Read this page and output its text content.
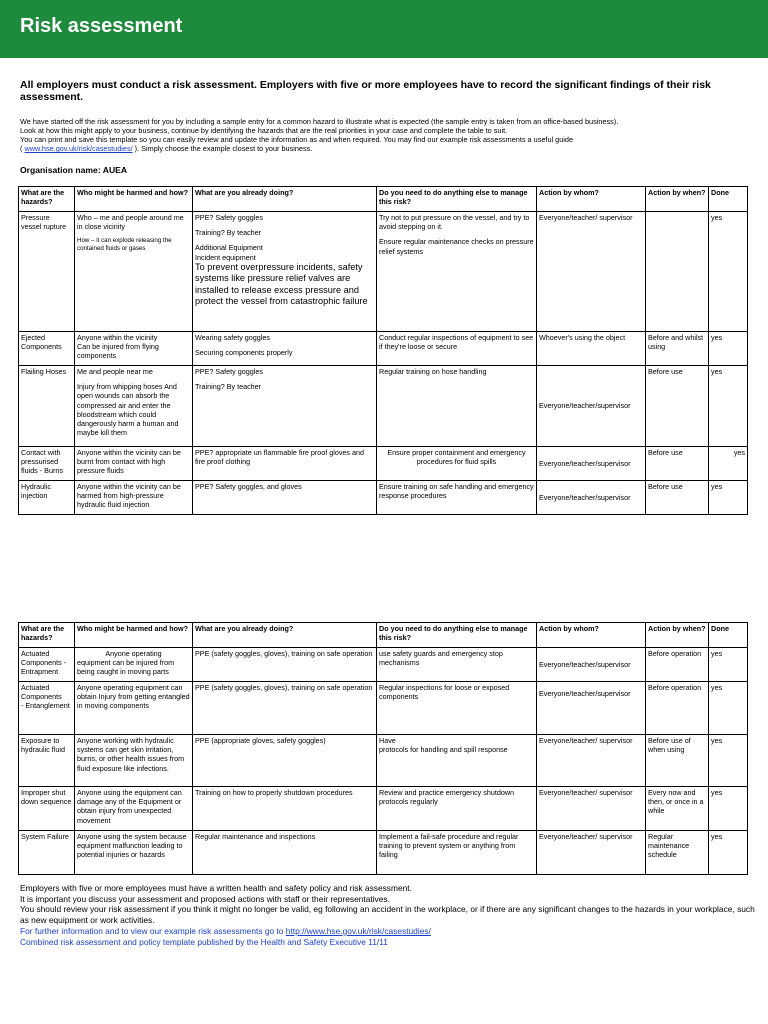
Risk assessment
All employers must conduct a risk assessment. Employers with five or more employees have to record the significant findings of their risk
assessment.
We have started off the risk assessment for you by including a sample entry for a common hazard to illustrate what is expected (the sample entry is taken from an office-based business).
Look at how this might apply to your business, continue by identifying the hazards that are the real priorities in your case and complete the table to suit.
You can print and save this template so you can easily review and update the information as and when required. You may find our example risk assessments a useful guide
( www.hse.gov.uk/risk/casestudies/ ). Simply choose the example closest to your business.
Organisation name: AUEA
What are the hazards?	Who might be harmed and how?	What are you already doing?	Do you need to do anything else to manage this risk?	Action by whom?	Action by when?	Done
Pressure vessel rupture	Who – me and people around me in close vicinity
How – it can explode releasing the contained fluids or gases	PPE? Safety goggles
Training? By teacher
Additional Equipment
Incident equipment
To prevent overpressure incidents, safety systems like pressure relief valves are installed to release excess pressure and protect the vessel from catastrophic failure	Try not to put pressure on the vessel, and try to avoid stepping on it.
Ensure regular maintenance checks on pressure relief systems	Everyone/teacher/ supervisor		yes
Ejected Components	Anyone within the vicinity
Can be injured from flying components	Wearing safety goggles
Securing components properly	Conduct regular inspections of equipment to see if they're loose or secure	Whoever's using the object	Before and whilst using	yes
Flailing Hoses	Me and people near me
Injury from whipping hoses And open wounds can absorb the compressed air and enter the bloodstream which could dangerously harm a human and maybe kill them	PPE? Safety goggles
Training? By teacher	Regular training on hose handling	Everyone/teacher/supervisor	Before use	yes
Contact with pressurised fluids - Burns	Anyone within the vicinity can be burnt from contact with high pressure fluids	PPE? appropriate un flammable fire proof gloves and fire proof clothing	Ensure proper containment and emergency procedures for fluid spills	Everyone/teacher/supervisor	Before use	yes
Hydraulic injection	Anyone within the vicinity can be harmed from high-pressure hydraulic fluid injection	PPE? Safety goggles, and gloves	Ensure training on safe handling and emergency response procedures	Everyone/teacher/supervisor	Before use	yes
What are the hazards?	Who might be harmed and how?	What are you already doing?	Do you need to do anything else to manage this risk?	Action by whom?	Action by when?	Done
Actuated Components - Entrapment	Anyone operating
equipment can be injured from being caught in moving parts	PPE (safety goggles, gloves), training on safe operation	use safety guards and emergency stop mechanisms	Everyone/teacher/supervisor	Before operation	yes

Actuated Components
- Entanglement	Anyone operating equipment can obtain Injury from getting entangled in moving components	PPE (safety goggles, gloves), training on safe operation	Regular inspections for loose or exposed components	Everyone/teacher/supervisor	Before operation	yes
Exposure to hydraulic fluid	Anyone working with hydraulic systems can get skin irritation, burns, or other health issues from fluid exposure like infections.	PPE (appropriate gloves, safety goggles)	Have
protocols for handling and spill response	Everyone/teacher/ supervisor	Before use of when using	yes
Improper shut down sequence	Anyone using the equipment can damage any of the Equipment or obtain injury from unexpected movement	Training on how to properly shutdown procedures	Review and practice emergency shutdown protocols regularly	Everyone/teacher/ supervisor	Every now and then, or once in a while	yes
System Failure	Anyone using the system because equipment malfunction leading to potential injuries or hazards	Regular maintenance and inspections	Implement a fail-safe procedure and regular training to prevent system or anything from failing	Everyone/teacher/ supervisor	Regular maintenance schedule	yes
Employers with five or more employees must have a written health and safety policy and risk assessment.
It is important you discuss your assessment and proposed actions with staff or their representatives.
You should review your risk assessment if you think it might no longer be valid, eg following an accident in the workplace, or if there are any significant changes to the hazards in your workplace, such as new equipment or work activities.
For further information and to view our example risk assessments go to http://www.hse.gov.uk/risk/casestudies/
Combined risk assessment and policy template published by the Health and Safety Executive 11/11
